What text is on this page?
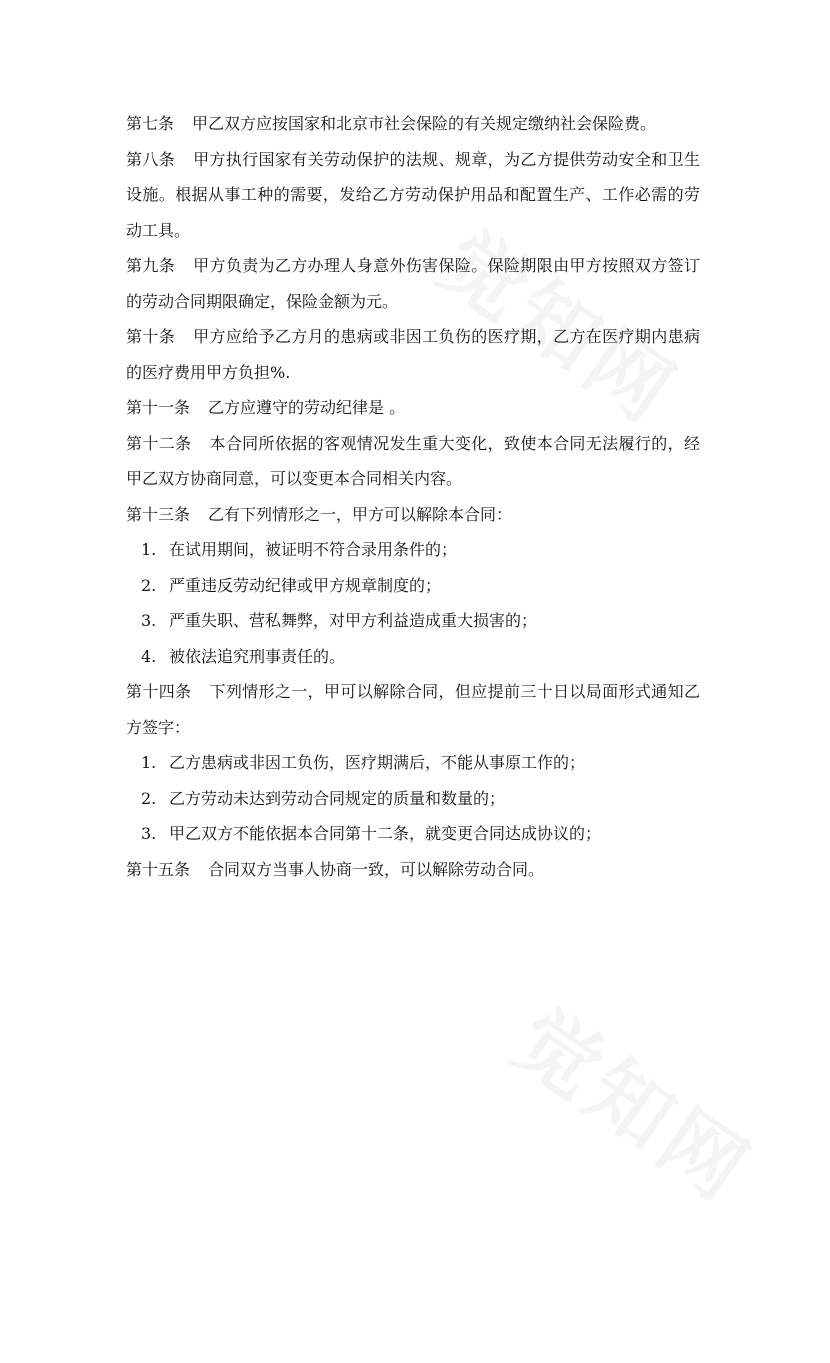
第七条 甲乙双方应按国家和北京市社会保险的有关规定缴纳社会保险费。

第八条 甲方执行国家有关劳动保护的法规、规章，为乙方提供劳动安全和卫生设施。根据从事工种的需要，发给乙方劳动保护用品和配置生产、工作必需的劳动工具。

第九条 甲方负责为乙方办理人身意外伤害保险。保险期限由甲方按照双方签订的劳动合同期限确定，保险金额为元。

第十条 甲方应给予乙方月的患病或非因工负伤的医疗期，乙方在医疗期内患病的医疗费用甲方负担%.

第十一条 乙方应遵守的劳动纪律是 。

第十二条 本合同所依据的客观情况发生重大变化，致使本合同无法履行的，经甲乙双方协商同意，可以变更本合同相关内容。

第十三条 乙有下列情形之一，甲方可以解除本合同：

1. 在试用期间，被证明不符合录用条件的；

2. 严重违反劳动纪律或甲方规章制度的；

3. 严重失职、营私舞弊，对甲方利益造成重大损害的；

4. 被依法追究刑事责任的。

第十四条 下列情形之一，甲可以解除合同，但应提前三十日以局面形式通知乙方签字：

1. 乙方患病或非因工负伤，医疗期满后，不能从事原工作的；

2. 乙方劳动未达到劳动合同规定的质量和数量的；

3. 甲乙双方不能依据本合同第十二条，就变更合同达成协议的；

第十五条 合同双方当事人协商一致，可以解除劳动合同。
